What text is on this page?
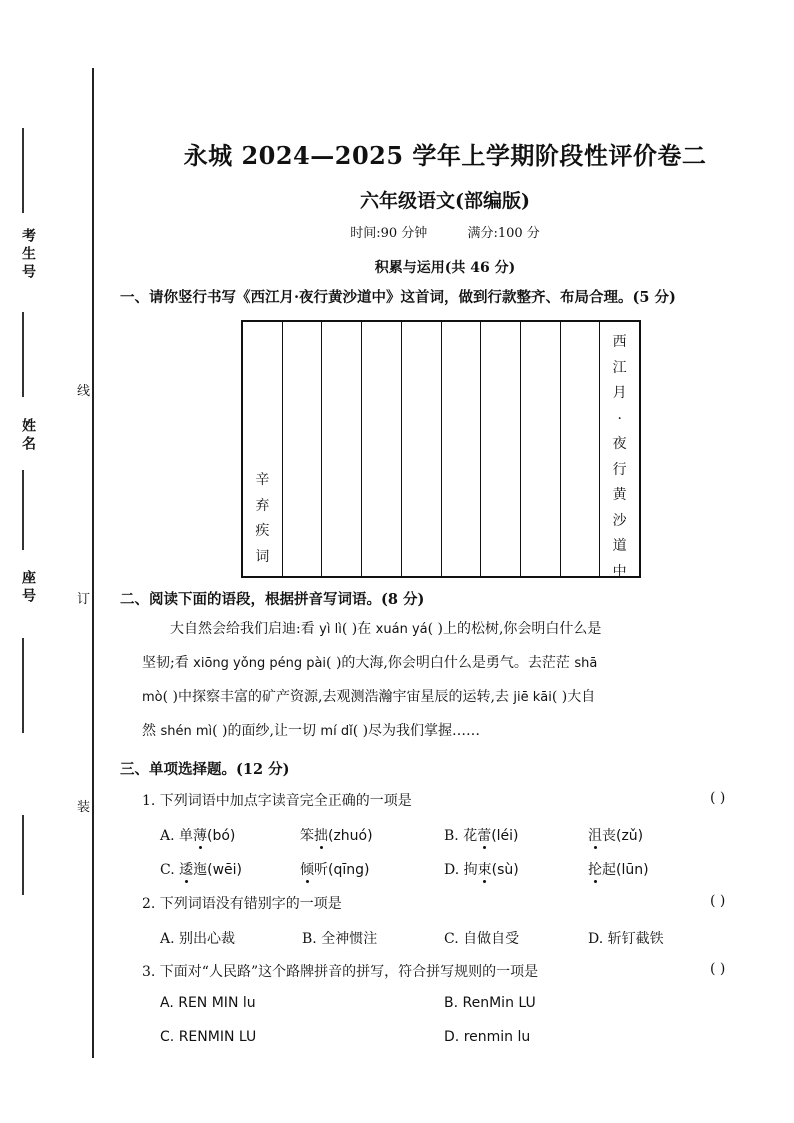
考生号
姓名
座号
线
订
装
永城 2024—2025 学年上学期阶段性评价卷二
六年级语文(部编版)
时间:90 分钟	满分:100 分
积累与运用(共 46 分)
一、请你竖行书写《西江月·夜行黄沙道中》这首词，做到行款整齐、布局合理。(5 分)
辛
弃
疾
词
西
江
月
·
夜
行
黄
沙
道
中
二、阅读下面的语段，根据拼音写词语。(8 分)
大自然会给我们启迪:看 yì lì( )在 xuán yá( )上的松树,你会明白什么是
坚韧;看 xiōng yǒng péng pài( )的大海,你会明白什么是勇气。去茫茫 shā
mò( )中探察丰富的矿产资源,去观测浩瀚宇宙星辰的运转,去 jiē kāi( )大自
然 shén mì( )的面纱,让一切 mí dǐ( )尽为我们掌握……
三、单项选择题。(12 分)
1. 下列词语中加点字读音完全正确的一项是	( )
A. 单薄(bó)	笨拙(zhuó)	B. 花蕾(léi)	沮丧(zǔ)
C. 逶迤(wēi)	倾听(qīng)	D. 拘束(sù)	抡起(lūn)
2. 下列词语没有错别字的一项是	( )
A. 别出心裁	B. 全神惯注	C. 自做自受	D. 斩钉截铁
3. 下面对“人民路”这个路牌拼音的拼写，符合拼写规则的一项是	( )
A. REN MIN lu	B. RenMin LU
C. RENMIN LU	D. renmin lu
